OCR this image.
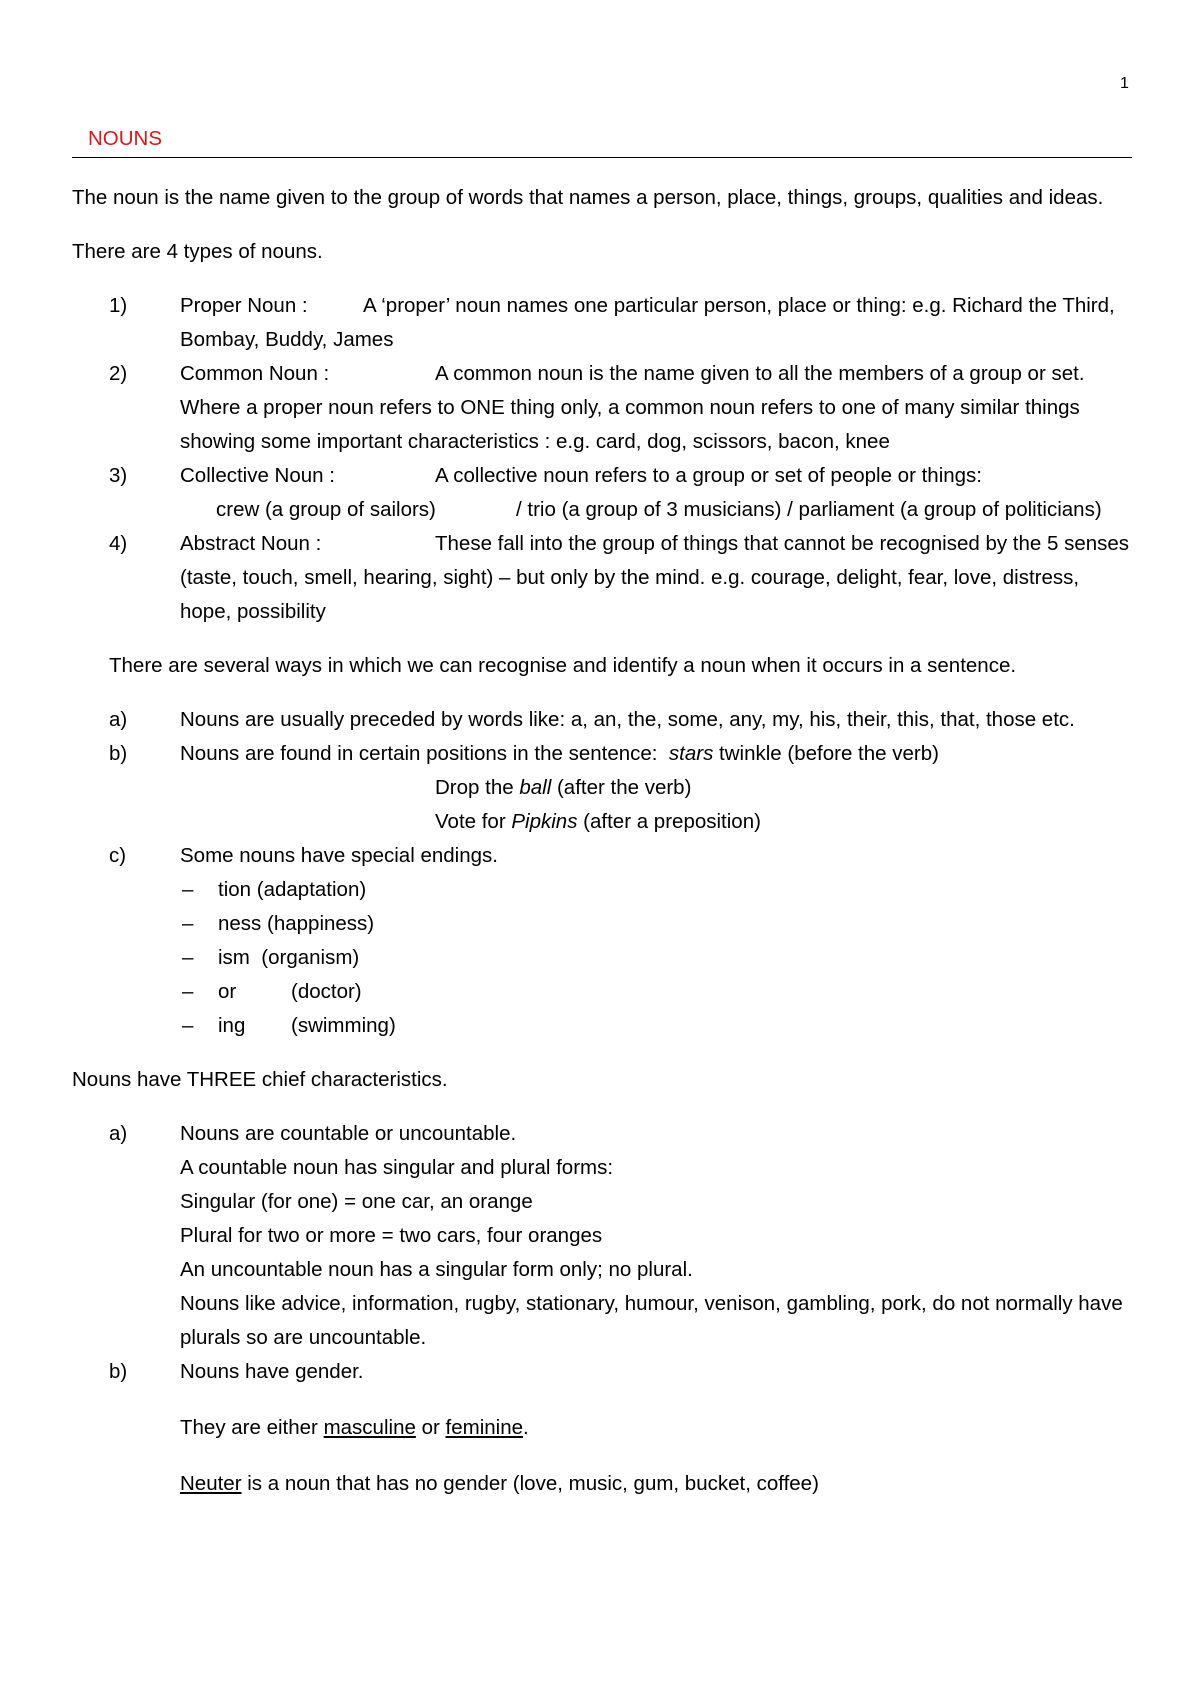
1
NOUNS

The noun is the name given to the group of words that names a person, place, things, groups, qualities and ideas.

There are 4 types of nouns.

1)	Proper Noun :	A ‘proper’ noun names one particular person, place or thing: e.g. Richard the Third, Bombay, Buddy, James
2)	Common Noun :	A common noun is the name given to all the members of a group or set. Where a proper noun refers to ONE thing only, a common noun refers to one of many similar things showing some important characteristics : e.g. card, dog, scissors, bacon, knee
3)	Collective Noun :	A collective noun refers to a group or set of people or things:
crew (a group of sailors)	/ trio (a group of 3 musicians) / parliament (a group of politicians)
4)	Abstract Noun :	These fall into the group of things that cannot be recognised by the 5 senses (taste, touch, smell, hearing, sight) – but only by the mind. e.g. courage, delight, fear, love, distress, hope, possibility

There are several ways in which we can recognise and identify a noun when it occurs in a sentence.

a)	Nouns are usually preceded by words like: a, an, the, some, any, my, his, their, this, that, those etc.
b)	Nouns are found in certain positions in the sentence: stars twinkle (before the verb)
Drop the ball (after the verb)
Vote for Pipkins (after a preposition)
c)	Some nouns have special endings.
–	tion (adaptation)
–	ness (happiness)
–	ism (organism)
–	or	(doctor)
–	ing (swimming)

Nouns have THREE chief characteristics.

a)	Nouns are countable or uncountable.
A countable noun has singular and plural forms:
Singular (for one) = one car, an orange
Plural for two or more = two cars, four oranges
An uncountable noun has a singular form only; no plural.
Nouns like advice, information, rugby, stationary, humour, venison, gambling, pork, do not normally have plurals so are uncountable.
b)	Nouns have gender.
They are either masculine or feminine.
Neuter is a noun that has no gender (love, music, gum, bucket, coffee)
